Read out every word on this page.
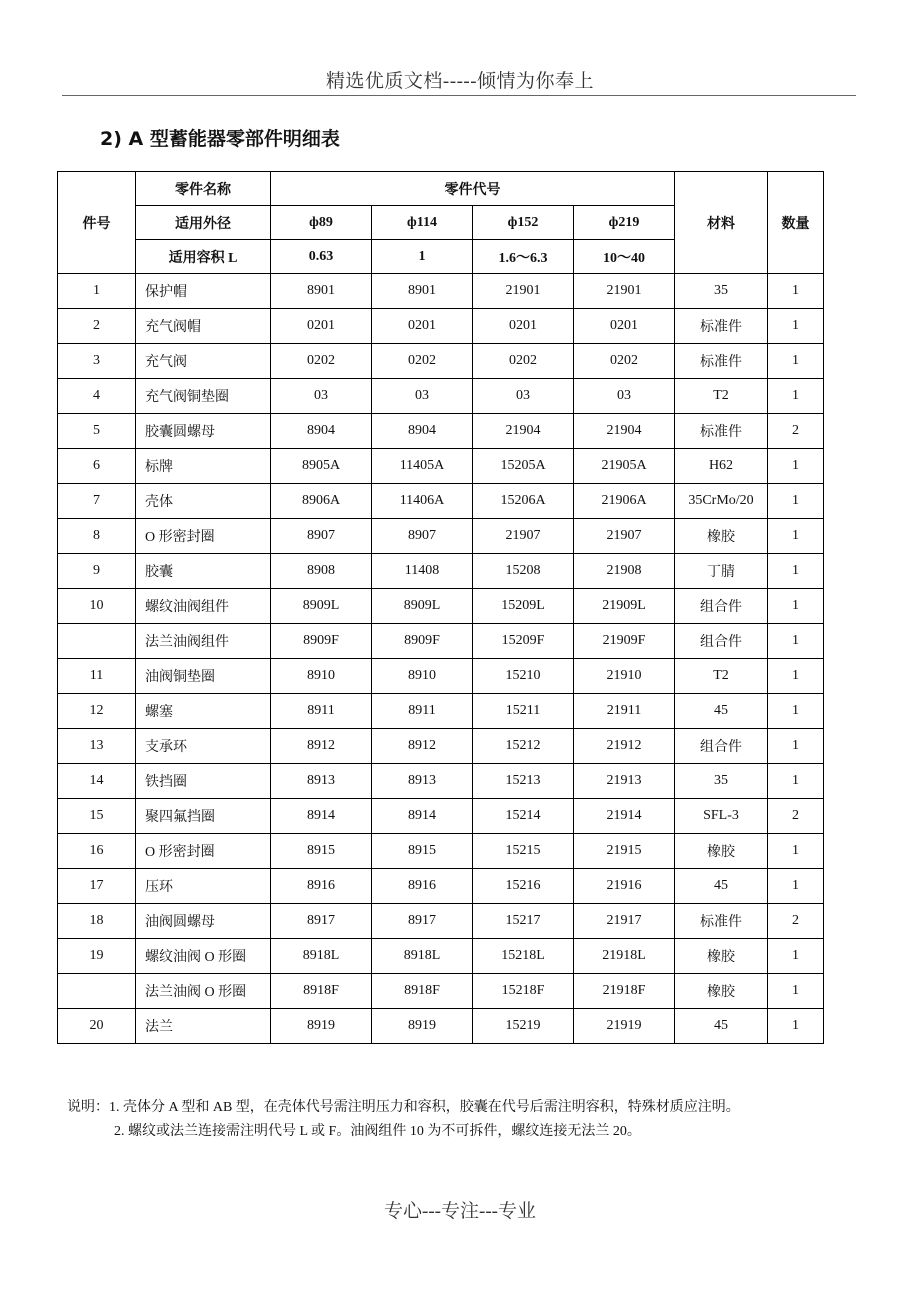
精选优质文档-----倾情为你奉上
2) A 型蓄能器零部件明细表
件号	零件名称	零件代号				材料	数量
	适用外径	ф89	ф114	ф152	ф219		
	适用容积 L	0.63	1	1.6～6.3	10～40		
1	保护帽	8901	8901	21901	21901	35	1
2	充气阀帽	0201	0201	0201	0201	标准件	1
3	充气阀	0202	0202	0202	0202	标准件	1
4	充气阀铜垫圈	03	03	03	03	T2	1
5	胶囊圆螺母	8904	8904	21904	21904	标准件	2
6	标牌	8905A	11405A	15205A	21905A	H62	1
7	壳体	8906A	11406A	15206A	21906A	35CrMo/20	1
8	O 形密封圈	8907	8907	21907	21907	橡胶	1
9	胶囊	8908	11408	15208	21908	丁腈	1
10	螺纹油阀组件	8909L	8909L	15209L	21909L	组合件	1
	法兰油阀组件	8909F	8909F	15209F	21909F	组合件	1
11	油阀铜垫圈	8910	8910	15210	21910	T2	1
12	螺塞	8911	8911	15211	21911	45	1
13	支承环	8912	8912	15212	21912	组合件	1
14	铁挡圈	8913	8913	15213	21913	35	1
15	聚四氟挡圈	8914	8914	15214	21914	SFL-3	2
16	O 形密封圈	8915	8915	15215	21915	橡胶	1
17	压环	8916	8916	15216	21916	45	1
18	油阀圆螺母	8917	8917	15217	21917	标准件	2
19	螺纹油阀 O 形圈	8918L	8918L	15218L	21918L	橡胶	1
	法兰油阀 O 形圈	8918F	8918F	15218F	21918F	橡胶	1
20	法兰	8919	8919	15219	21919	45	1
说明：1. 壳体分 A 型和 AB 型，在壳体代号需注明压力和容积，胶囊在代号后需注明容积，特殊材质应注明。
2. 螺纹或法兰连接需注明代号 L 或 F。油阀组件 10 为不可拆件，螺纹连接无法兰 20。
专心---专注---专业
